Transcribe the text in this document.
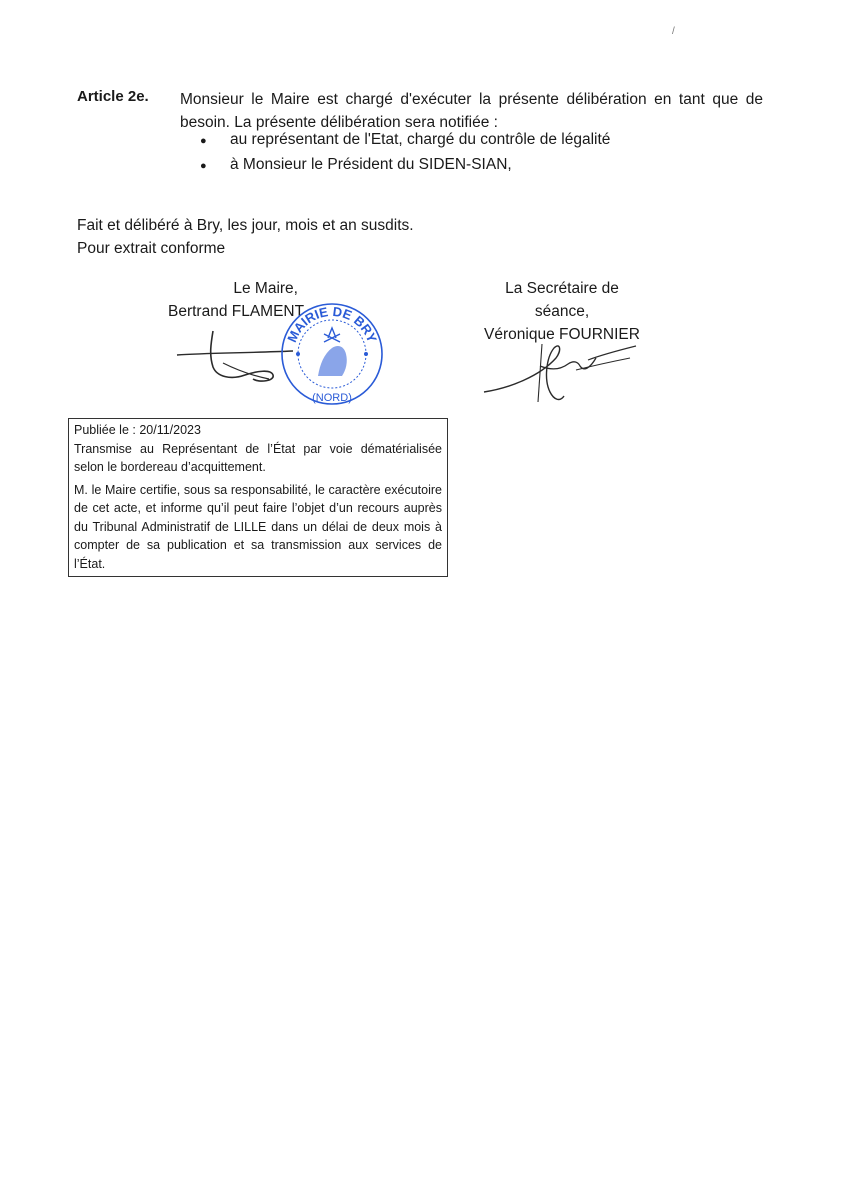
/
Article 2e. Monsieur le Maire est chargé d'exécuter la présente délibération en tant que de besoin. La présente délibération sera notifiée :
●	au représentant de l'Etat, chargé du contrôle de légalité
●	à Monsieur le Président du SIDEN-SIAN,
Fait et délibéré à Bry, les jour, mois et an susdits.
Pour extrait conforme
Le Maire,
Bertrand FLAMENT
La Secrétaire de séance,
Véronique FOURNIER
MAIRIE DE BRY
(NORD)
Publiée le : 20/11/2023
Transmise au Représentant de l’État par voie dématérialisée selon le bordereau d’acquittement.
M. le Maire certifie, sous sa responsabilité, le caractère exécutoire de cet acte, et informe qu’il peut faire l’objet d’un recours auprès du Tribunal Administratif de LILLE dans un délai de deux mois à compter de sa publication et sa transmission aux services de l’État.
